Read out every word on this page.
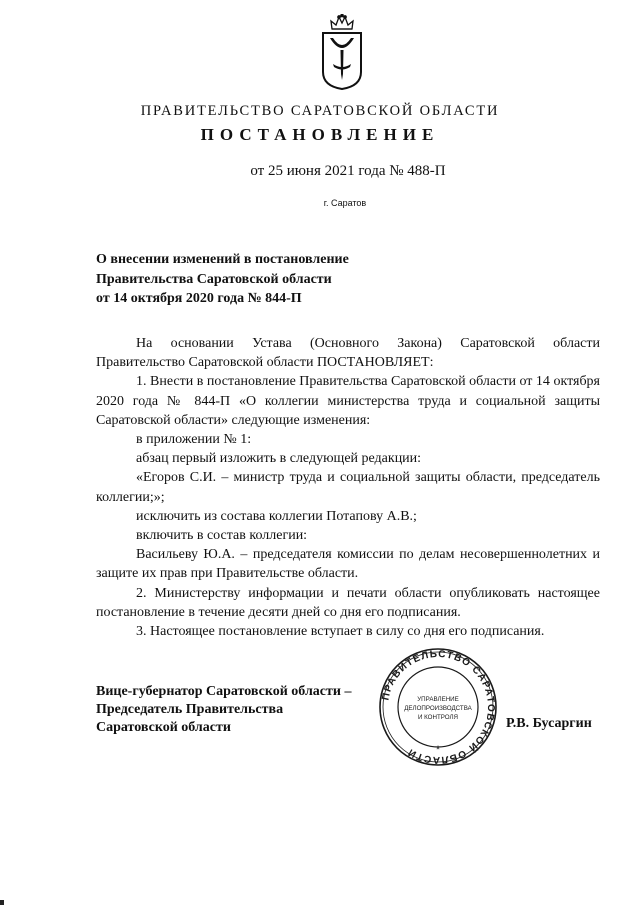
ПРАВИТЕЛЬСТВО САРАТОВСКОЙ ОБЛАСТИ
ПОСТАНОВЛЕНИЕ
от 25 июня 2021 года № 488-П
г. Саратов
О внесении изменений в постановление
Правительства Саратовской области
от 14 октября 2020 года № 844-П

На основании Устава (Основного Закона) Саратовской области Правительство Саратовской области ПОСТАНОВЛЯЕТ:

1. Внести в постановление Правительства Саратовской области от 14 октября 2020 года № 844-П «О коллегии министерства труда и социальной защиты Саратовской области» следующие изменения:

в приложении № 1:

абзац первый изложить в следующей редакции:

«Егоров С.И. – министр труда и социальной защиты области, председатель коллегии;»;

исключить из состава коллегии Потапову А.В.;

включить в состав коллегии:

Васильеву Ю.А. – председателя комиссии по делам несовершеннолетних и защите их прав при Правительстве области.

2. Министерству информации и печати области опубликовать настоящее постановление в течение десяти дней со дня его подписания.

3. Настоящее постановление вступает в силу со дня его подписания.

Вице-губернатор Саратовской области –
Председатель Правительства
Саратовской области
ПРАВИТЕЛЬСТВО САРАТОВСКОЙ ОБЛАСТИ
УПРАВЛЕНИЕ
ДЕЛОПРОИЗВОДСТВА
И КОНТРОЛЯ
*
Р.В. Бусаргин
